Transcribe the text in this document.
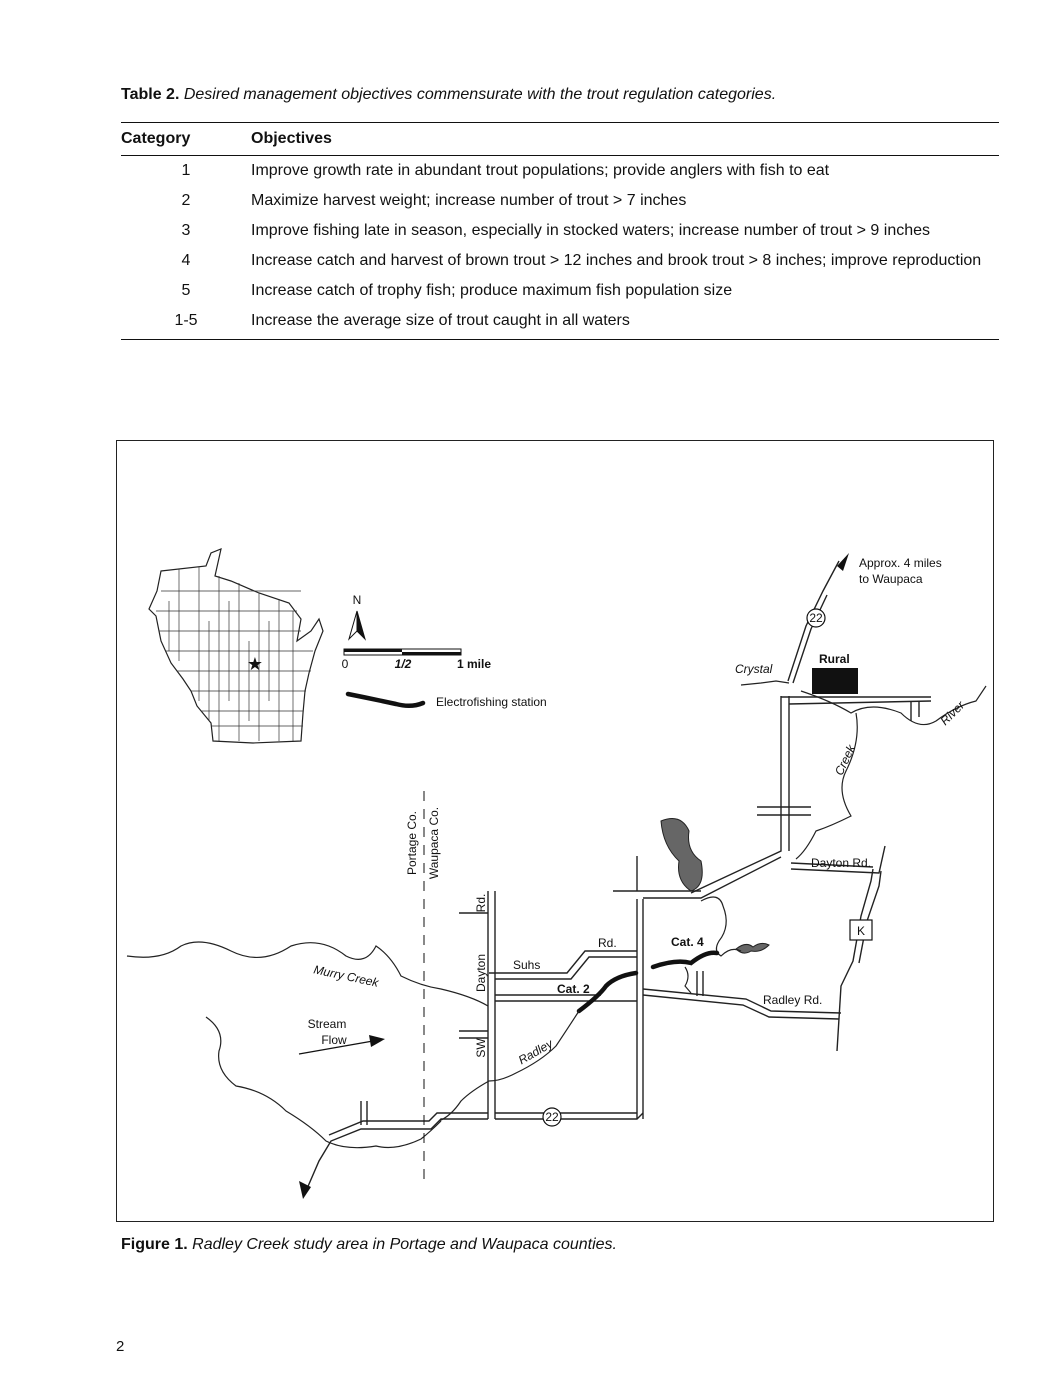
Table 2. Desired management objectives commensurate with the trout regulation categories.
Category	Objectives
1	Improve growth rate in abundant trout populations; provide anglers with fish to eat
2	Maximize harvest weight; increase number of trout > 7 inches
3	Improve fishing late in season, especially in stocked waters; increase number of trout > 9 inches
4	Increase catch and harvest of brown trout > 12 inches and brook trout > 8 inches; improve reproduction
5	Increase catch of trophy fish; produce maximum fish population size
1-5	Increase the average size of trout caught in all waters
★
N
0	1/2	1 mile
Electrofishing station
Approx. 4 miles
to Waupaca
22
Crystal
Rural
River
Creek
Dayton Rd.
K
Radley Rd.
Cat. 4
Suhs
Rd.
Rd.
Dayton
SW
Cat. 2
Radley
22
Murry Creek
Stream
Flow
Portage Co. Waupaca Co.
Figure 1. Radley Creek study area in Portage and Waupaca counties.
2
